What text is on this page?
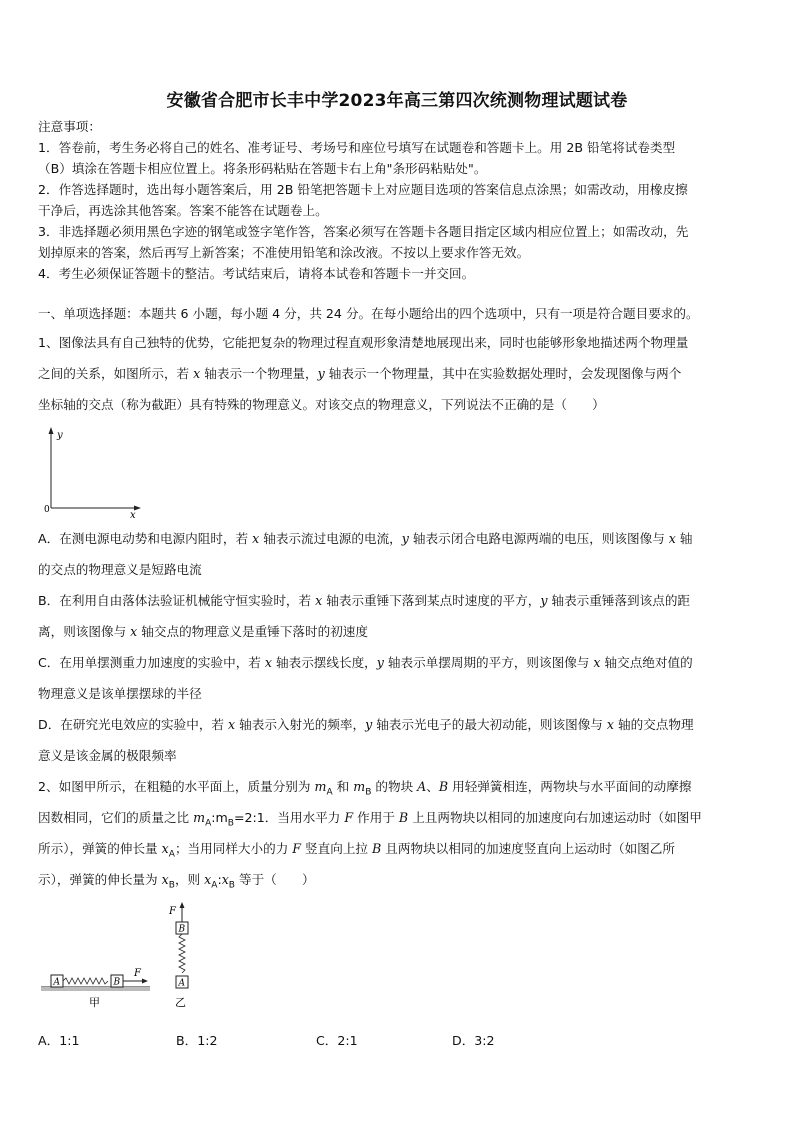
安徽省合肥市长丰中学2023年高三第四次统测物理试题试卷
注意事项：
1．答卷前，考生务必将自己的姓名、准考证号、考场号和座位号填写在试题卷和答题卡上。用 2B 铅笔将试卷类型
（B）填涂在答题卡相应位置上。将条形码粘贴在答题卡右上角"条形码粘贴处"。
2．作答选择题时，选出每小题答案后，用 2B 铅笔把答题卡上对应题目选项的答案信息点涂黑；如需改动，用橡皮擦
干净后，再选涂其他答案。答案不能答在试题卷上。
3．非选择题必须用黑色字迹的钢笔或签字笔作答，答案必须写在答题卡各题目指定区域内相应位置上；如需改动，先
划掉原来的答案，然后再写上新答案；不准使用铅笔和涂改液。不按以上要求作答无效。
4．考生必须保证答题卡的整洁。考试结束后，请将本试卷和答题卡一并交回。
一、单项选择题：本题共 6 小题，每小题 4 分，共 24 分。在每小题给出的四个选项中，只有一项是符合题目要求的。
1、图像法具有自己独特的优势，它能把复杂的物理过程直观形象清楚地展现出来，同时也能够形象地描述两个物理量
之间的关系，如图所示，若 x 轴表示一个物理量，y 轴表示一个物理量，其中在实验数据处理时，会发现图像与两个
坐标轴的交点（称为截距）具有特殊的物理意义。对该交点的物理意义，下列说法不正确的是（　　）
y
x
0
A．在测电源电动势和电源内阻时，若 x 轴表示流过电源的电流，y 轴表示闭合电路电源两端的电压，则该图像与 x 轴
的交点的物理意义是短路电流
B．在利用自由落体法验证机械能守恒实验时，若 x 轴表示重锤下落到某点时速度的平方，y 轴表示重锤落到该点的距
离，则该图像与 x 轴交点的物理意义是重锤下落时的初速度
C．在用单摆测重力加速度的实验中，若 x 轴表示摆线长度，y 轴表示单摆周期的平方，则该图像与 x 轴交点绝对值的
物理意义是该单摆摆球的半径
D．在研究光电效应的实验中，若 x 轴表示入射光的频率，y 轴表示光电子的最大初动能，则该图像与 x 轴的交点物理
意义是该金属的极限频率
2、如图甲所示，在粗糙的水平面上，质量分别为 $m_A$ 和 $m_B$ 的物块 A、B 用轻弹簧相连，两物块与水平面间的动摩擦
因数相同，它们的质量之比 $m_A:m_B=2:1$．当用水平力 F 作用于 B 上且两物块以相同的加速度向右加速运动时（如图甲
所示），弹簧的伸长量 $x_A$；当用同样大小的力 F 竖直向上拉 B 且两物块以相同的加速度竖直向上运动时（如图乙所
示），弹簧的伸长量为 $x_B$，则 $x_A:x_B$ 等于（　　）
A	B
F
甲
F
B
A
乙
A．1:1	B．1:2	C．2:1	D．3:2
